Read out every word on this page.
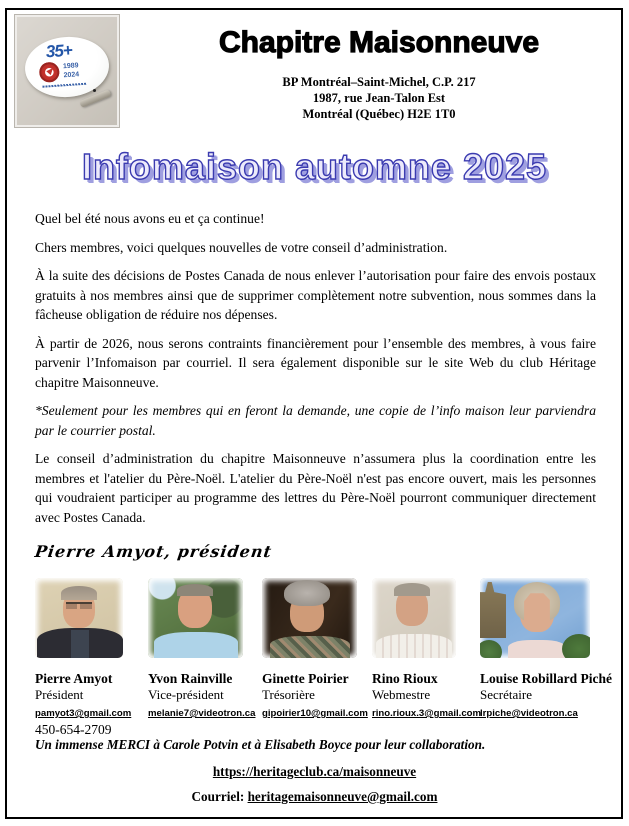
35+
1989
2024
Chapitre Maisonneuve
BP Montréal–Saint-Michel, C.P. 217
1987, rue Jean-Talon Est
Montréal (Québec) H2E 1T0
Infomaison automne 2025

Quel bel été nous avons eu et ça continue!

Chers membres, voici quelques nouvelles de votre conseil d’administration.

À la suite des décisions de Postes Canada de nous enlever l’autorisation pour faire des envois postaux gratuits à nos membres ainsi que de supprimer complètement notre subvention, nous sommes dans la fâcheuse obligation de réduire nos dépenses.

À partir de 2026, nous serons contraints financièrement pour l’ensemble des membres, à vous faire parvenir l’Infomaison par courriel. Il sera également disponible sur le site Web du club Héritage chapitre Maisonneuve.

*Seulement pour les membres qui en feront la demande, une copie de l’info maison leur parviendra par le courrier postal.

Le conseil d’administration du chapitre Maisonneuve n’assumera plus la coordination entre les membres et l'atelier du Père-Noël. L'atelier du Père-Noël n'est pas encore ouvert, mais les personnes qui voudraient participer au programme des lettres du Père-Noël pourront communiquer directement avec Postes Canada.

Pierre Amyot, président
Pierre Amyot
Président
pamyot3@gmail.com
450-654-2709
Yvon Rainville
Vice-président
melanie7@videotron.ca
Ginette Poirier
Trésorière
gipoirier10@gmail.com
Rino Rioux
Webmestre
rino.rioux.3@gmail.com
Louise Robillard Piché
Secrétaire
lrpiche@videotron.ca
Un immense MERCI à Carole Potvin et à Elisabeth Boyce pour leur collaboration.
https://heritageclub.ca/maisonneuve
Courriel: heritagemaisonneuve@gmail.com
